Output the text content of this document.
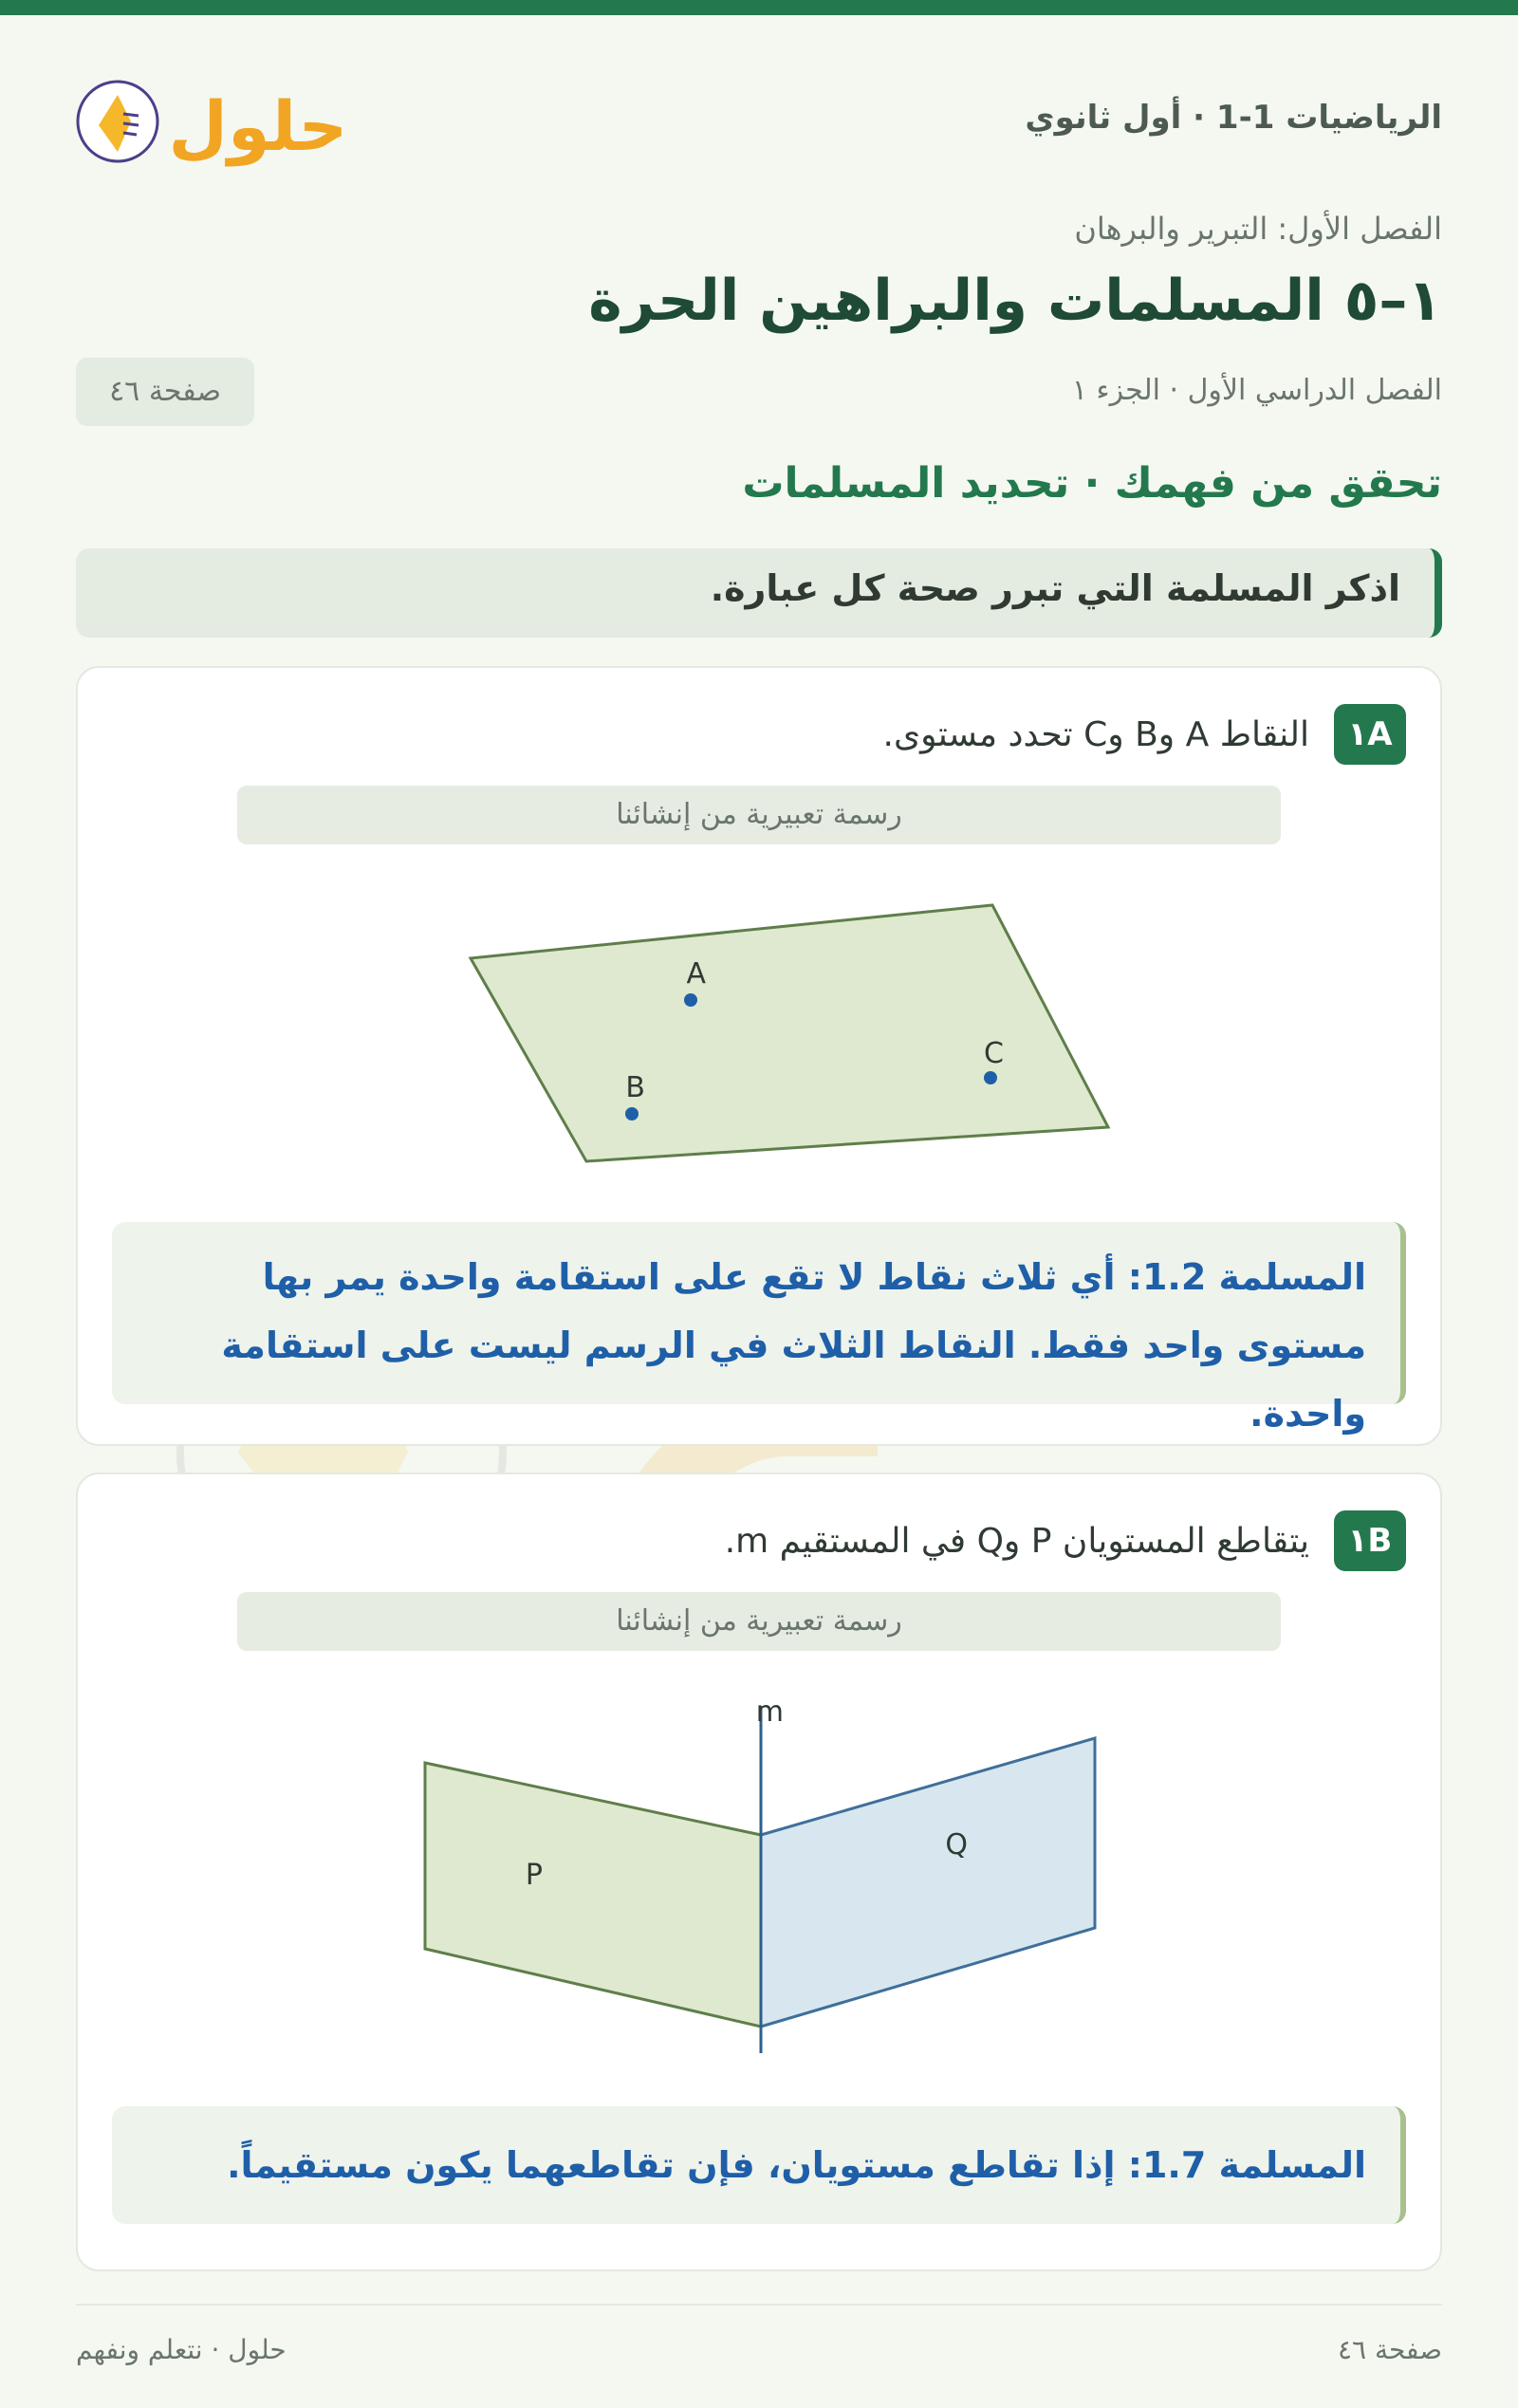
الرياضيات 1-1 · أول ثانوي
حلول
الفصل الأول: التبرير والبرهان
١–٥ المسلمات والبراهين الحرة
الفصل الدراسي الأول · الجزء ١
صفحة ٤٦
تحقق من فهمك · تحديد المسلمات
اذكر المسلمة التي تبرر صحة كل عبارة.
١A
النقاط A وB وC تحدد مستوى.
رسمة تعبيرية من إنشائنا
A
B
C
المسلمة 1.2: أي ثلاث نقاط لا تقع على استقامة واحدة يمر بها مستوى واحد فقط. النقاط الثلاث في الرسم ليست على استقامة واحدة.
١B
يتقاطع المستويان P وQ في المستقيم m.
رسمة تعبيرية من إنشائنا
m
P
Q
المسلمة 1.7: إذا تقاطع مستويان، فإن تقاطعهما يكون مستقيماً.
صفحة ٤٦
حلول · نتعلم ونفهم
